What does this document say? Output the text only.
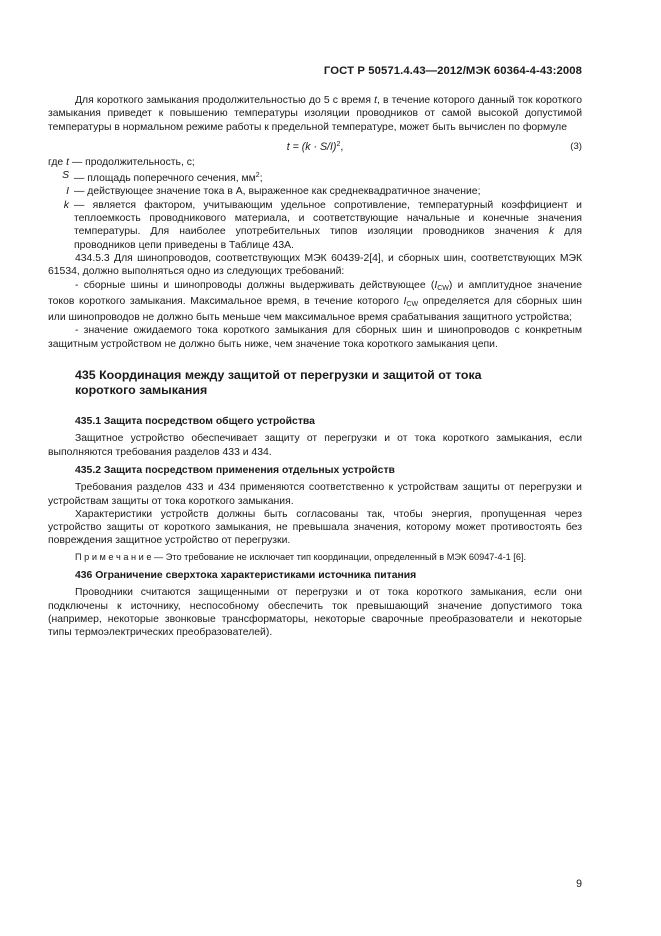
ГОСТ Р 50571.4.43—2012/МЭК 60364-4-43:2008

Для короткого замыкания продолжительностью до 5 с время t, в течение которого данный ток короткого замыкания приведет к повышению температуры изоляции проводников от самой высокой допустимой температуры в нормальном режиме работы к предельной температуре, может быть вычислен по формуле

$t = (k \cdot S/I)^2$,	(3)

где t — продолжительность, с;

S — площадь поперечного сечения, $мм^2$;
I — действующее значение тока в А, выраженное как среднеквадратичное значение;
k — является фактором, учитывающим удельное сопротивление, температурный коэффициент и теплоемкость проводникового материала, и соответствующие начальные и конечные значения температуры. Для наиболее употребительных типов изоляции проводников значения k для проводников цепи приведены в Таблице 43А.

434.5.3 Для шинопроводов, соответствующих МЭК 60439-2[4], и сборных шин, соответствующих МЭК 61534, должно выполняться одно из следующих требований:

- сборные шины и шинопроводы должны выдерживать действующее $(I_{CW})$ и амплитудное значение токов короткого замыкания. Максимальное время, в течение которого $I_{CW}$ определяется для сборных шин или шинопроводов не должно быть меньше чем максимальное время срабатывания защитного устройства;

- значение ожидаемого тока короткого замыкания для сборных шин и шинопроводов с конкретным защитным устройством не должно быть ниже, чем значение тока короткого замыкания цепи.

435 Координация между защитой от перегрузки и защитой от тока короткого замыкания

435.1 Защита посредством общего устройства

Защитное устройство обеспечивает защиту от перегрузки и от тока короткого замыкания, если выполняются требования разделов 433 и 434.

435.2 Защита посредством применения отдельных устройств

Требования разделов 433 и 434 применяются соответственно к устройствам защиты от перегрузки и устройствам защиты от тока короткого замыкания.

Характеристики устройств должны быть согласованы так, чтобы энергия, пропущенная через устройство защиты от короткого замыкания, не превышала значения, которому может противостоять без повреждения защитное устройство от перегрузки.

П р и м е ч а н и е — Это требование не исключает тип координации, определенный в МЭК 60947-4-1 [6].

436 Ограничение сверхтока характеристиками источника питания

Проводники считаются защищенными от перегрузки и от тока короткого замыкания, если они подключены к источнику, неспособному обеспечить ток превышающий значение допустимого тока (например, некоторые звонковые трансформаторы, некоторые сварочные преобразователи и некоторые типы термоэлектрических преобразователей).

9
